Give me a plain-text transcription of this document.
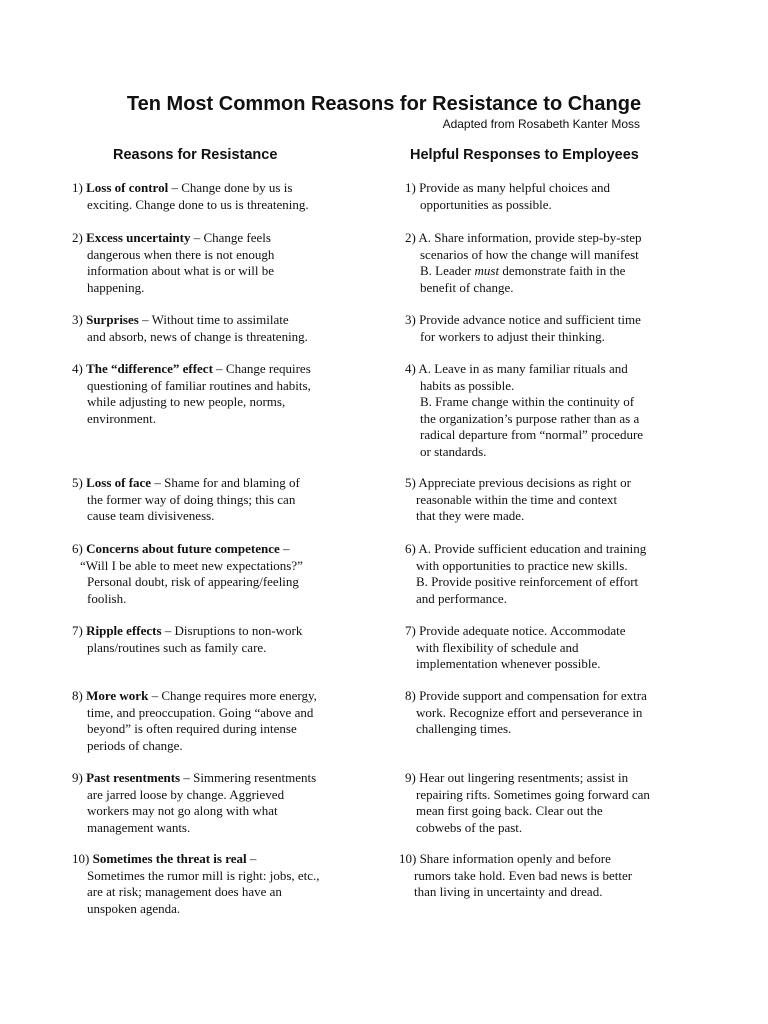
Ten Most Common Reasons for Resistance to Change
Adapted from Rosabeth Kanter Moss
Reasons for Resistance	Helpful Responses to Employees
1) Loss of control – Change done by us is
exciting. Change done to us is threatening.
2) Excess uncertainty – Change feels
dangerous when there is not enough
information about what is or will be
happening.
3) Surprises – Without time to assimilate
and absorb, news of change is threatening.
4) The “difference” effect – Change requires
questioning of familiar routines and habits,
while adjusting to new people, norms,
environment.
5) Loss of face – Shame for and blaming of
the former way of doing things; this can
cause team divisiveness.
6) Concerns about future competence –
“Will I be able to meet new expectations?”
Personal doubt, risk of appearing/feeling
foolish.
7) Ripple effects – Disruptions to non-work
plans/routines such as family care.
8) More work – Change requires more energy,
time, and preoccupation. Going “above and
beyond” is often required during intense
periods of change.
9) Past resentments – Simmering resentments
are jarred loose by change. Aggrieved
workers may not go along with what
management wants.
10) Sometimes the threat is real –
Sometimes the rumor mill is right: jobs, etc.,
are at risk; management does have an
unspoken agenda.
1) Provide as many helpful choices and
opportunities as possible.
2) A. Share information, provide step-by-step
scenarios of how the change will manifest
B. Leader must demonstrate faith in the
benefit of change.
3) Provide advance notice and sufficient time
for workers to adjust their thinking.
4) A. Leave in as many familiar rituals and
habits as possible.
B. Frame change within the continuity of
the organization’s purpose rather than as a
radical departure from “normal” procedure
or standards.
5) Appreciate previous decisions as right or
reasonable within the time and context
that they were made.
6) A. Provide sufficient education and training
with opportunities to practice new skills.
B. Provide positive reinforcement of effort
and performance.
7) Provide adequate notice. Accommodate
with flexibility of schedule and
implementation whenever possible.
8) Provide support and compensation for extra
work. Recognize effort and perseverance in
challenging times.
9) Hear out lingering resentments; assist in
repairing rifts. Sometimes going forward can
mean first going back. Clear out the
cobwebs of the past.
10) Share information openly and before
rumors take hold. Even bad news is better
than living in uncertainty and dread.
